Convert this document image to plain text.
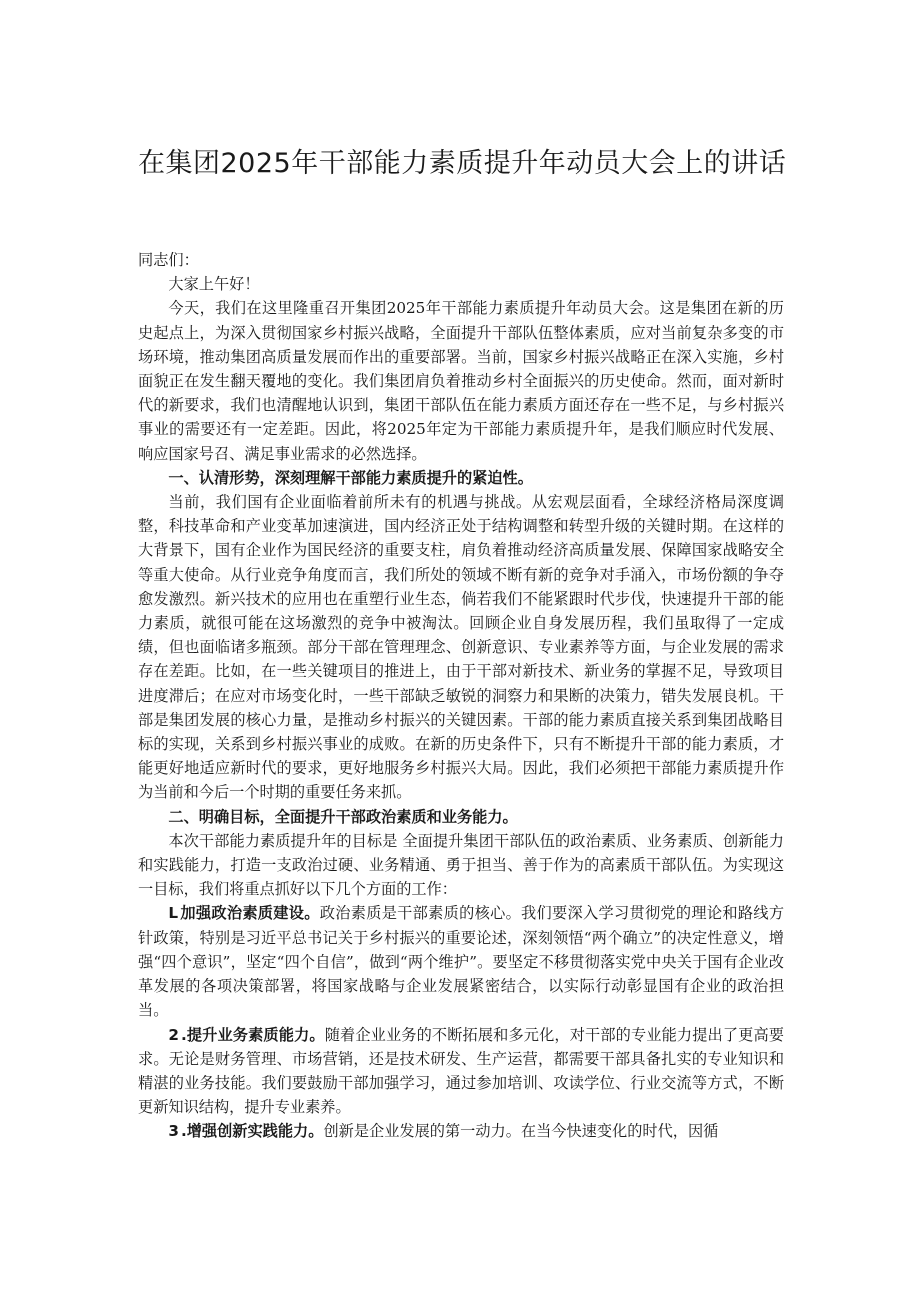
在集团2025年干部能力素质提升年动员大会上的讲话

同志们：

大家上午好！

今天，我们在这里隆重召开集团2025年干部能力素质提升年动员大会。这是集团在新的历史起点上，为深入贯彻国家乡村振兴战略，全面提升干部队伍整体素质，应对当前复杂多变的市场环境，推动集团高质量发展而作出的重要部署。当前，国家乡村振兴战略正在深入实施，乡村面貌正在发生翻天覆地的变化。我们集团肩负着推动乡村全面振兴的历史使命。然而，面对新时代的新要求，我们也清醒地认识到，集团干部队伍在能力素质方面还存在一些不足，与乡村振兴事业的需要还有一定差距。因此，将2025年定为干部能力素质提升年，是我们顺应时代发展、响应国家号召、满足事业需求的必然选择。

一、认清形势，深刻理解干部能力素质提升的紧迫性。

当前，我们国有企业面临着前所未有的机遇与挑战。从宏观层面看，全球经济格局深度调整，科技革命和产业变革加速演进，国内经济正处于结构调整和转型升级的关键时期。在这样的大背景下，国有企业作为国民经济的重要支柱，肩负着推动经济高质量发展、保障国家战略安全等重大使命。从行业竞争角度而言，我们所处的领域不断有新的竞争对手涌入，市场份额的争夺愈发激烈。新兴技术的应用也在重塑行业生态，倘若我们不能紧跟时代步伐，快速提升干部的能力素质，就很可能在这场激烈的竞争中被淘汰。回顾企业自身发展历程，我们虽取得了一定成绩，但也面临诸多瓶颈。部分干部在管理理念、创新意识、专业素养等方面，与企业发展的需求存在差距。比如，在一些关键项目的推进上，由于干部对新技术、新业务的掌握不足，导致项目进度滞后；在应对市场变化时，一些干部缺乏敏锐的洞察力和果断的决策力，错失发展良机。干部是集团发展的核心力量，是推动乡村振兴的关键因素。干部的能力素质直接关系到集团战略目标的实现，关系到乡村振兴事业的成败。在新的历史条件下，只有不断提升干部的能力素质，才能更好地适应新时代的要求，更好地服务乡村振兴大局。因此，我们必须把干部能力素质提升作为当前和今后一个时期的重要任务来抓。

二、明确目标，全面提升干部政治素质和业务能力。

本次干部能力素质提升年的目标是 全面提升集团干部队伍的政治素质、业务素质、创新能力和实践能力，打造一支政治过硬、业务精通、勇于担当、善于作为的高素质干部队伍。为实现这一目标，我们将重点抓好以下几个方面的工作：

L 加强政治素质建设。政治素质是干部素质的核心。我们要深入学习贯彻党的理论和路线方针政策，特别是习近平总书记关于乡村振兴的重要论述，深刻领悟“两个确立”的决定性意义，增强“四个意识”，坚定“四个自信”，做到“两个维护”。要坚定不移贯彻落实党中央关于国有企业改革发展的各项决策部署，将国家战略与企业发展紧密结合，以实际行动彰显国有企业的政治担当。

2 .提升业务素质能力。随着企业业务的不断拓展和多元化，对干部的专业能力提出了更高要求。无论是财务管理、市场营销，还是技术研发、生产运营，都需要干部具备扎实的专业知识和精湛的业务技能。我们要鼓励干部加强学习，通过参加培训、攻读学位、行业交流等方式，不断更新知识结构，提升专业素养。

3 .增强创新实践能力。创新是企业发展的第一动力。在当今快速变化的时代，因循
